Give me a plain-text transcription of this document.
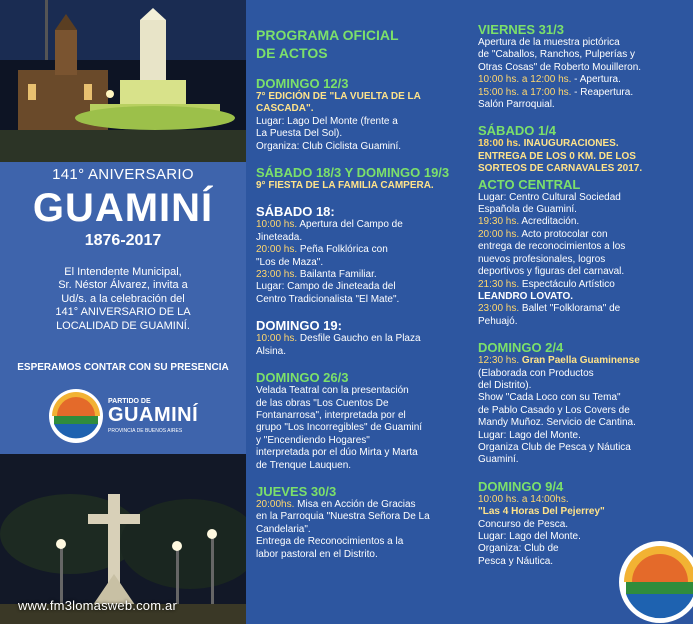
141° ANIVERSARIO
GUAMINÍ
1876-2017
El Intendente Municipal,
Sr. Néstor Álvarez, invita a
Ud/s. a la celebración del
141° ANIVERSARIO DE LA
LOCALIDAD DE GUAMINÍ.
ESPERAMOS CONTAR CON SU PRESENCIA
PARTIDO DE
GUAMINÍ
PROVINCIA DE BUENOS AIRES
www.fm3lomasweb.com.ar
PROGRAMA OFICIAL
DE ACTOS
DOMINGO 12/3
7° EDICIÓN DE "LA VUELTA DE LA
CASCADA".
Lugar: Lago Del Monte (frente a
La Puesta Del Sol).
Organiza: Club Ciclista Guaminí.
SÁBADO 18/3 Y DOMINGO 19/3
9° FIESTA DE LA FAMILIA CAMPERA.
SÁBADO 18:
10:00 hs. Apertura del Campo de
Jineteada.
20:00 hs. Peña Folklórica con
"Los de Maza".
23:00 hs. Bailanta Familiar.
Lugar: Campo de Jineteada del
Centro Tradicionalista "El Mate".
DOMINGO 19:
10:00 hs. Desfile Gaucho en la Plaza
Alsina.
DOMINGO 26/3
Velada Teatral con la presentación
de las obras "Los Cuentos De
Fontanarrosa", interpretada por el
grupo "Los Incorregibles" de Guaminí
y "Encendiendo Hogares"
interpretada por el dúo Mirta y Marta
de Trenque Lauquen.
JUEVES 30/3
20:00hs. Misa en Acción de Gracias
en la Parroquia "Nuestra Señora De La
Candelaria".
Entrega de Reconocimientos a la
labor pastoral en el Distrito.
VIERNES 31/3
Apertura de la muestra pictórica
de "Caballos, Ranchos, Pulperías y
Otras Cosas" de Roberto Mouilleron.
10:00 hs. a 12:00 hs. - Apertura.
15:00 hs. a 17:00 hs. - Reapertura.
Salón Parroquial.
SÁBADO 1/4
18:00 hs. INAUGURACIONES.
ENTREGA DE LOS 0 KM. DE LOS
SORTEOS DE CARNAVALES 2017.
ACTO CENTRAL
Lugar: Centro Cultural Sociedad
Española de Guaminí.
19:30 hs. Acreditación.
20:00 hs. Acto protocolar con
entrega de reconocimientos a los
nuevos profesionales, logros
deportivos y figuras del carnaval.
21:30 hs. Espectáculo Artístico
LEANDRO LOVATO.
23:00 hs. Ballet "Folklorama" de
Pehuajó.
DOMINGO 2/4
12:30 hs. Gran Paella Guaminense
(Elaborada con Productos
del Distrito).
Show "Cada Loco con su Tema"
de Pablo Casado y Los Covers de
Mandy Muñoz. Servicio de Cantina.
Lugar: Lago del Monte.
Organiza Club de Pesca y Náutica
Guaminí.
DOMINGO 9/4
10:00 hs. a 14:00hs.
"Las 4 Horas Del Pejerrey"
Concurso de Pesca.
Lugar: Lago del Monte.
Organiza: Club de
Pesca y Náutica.
